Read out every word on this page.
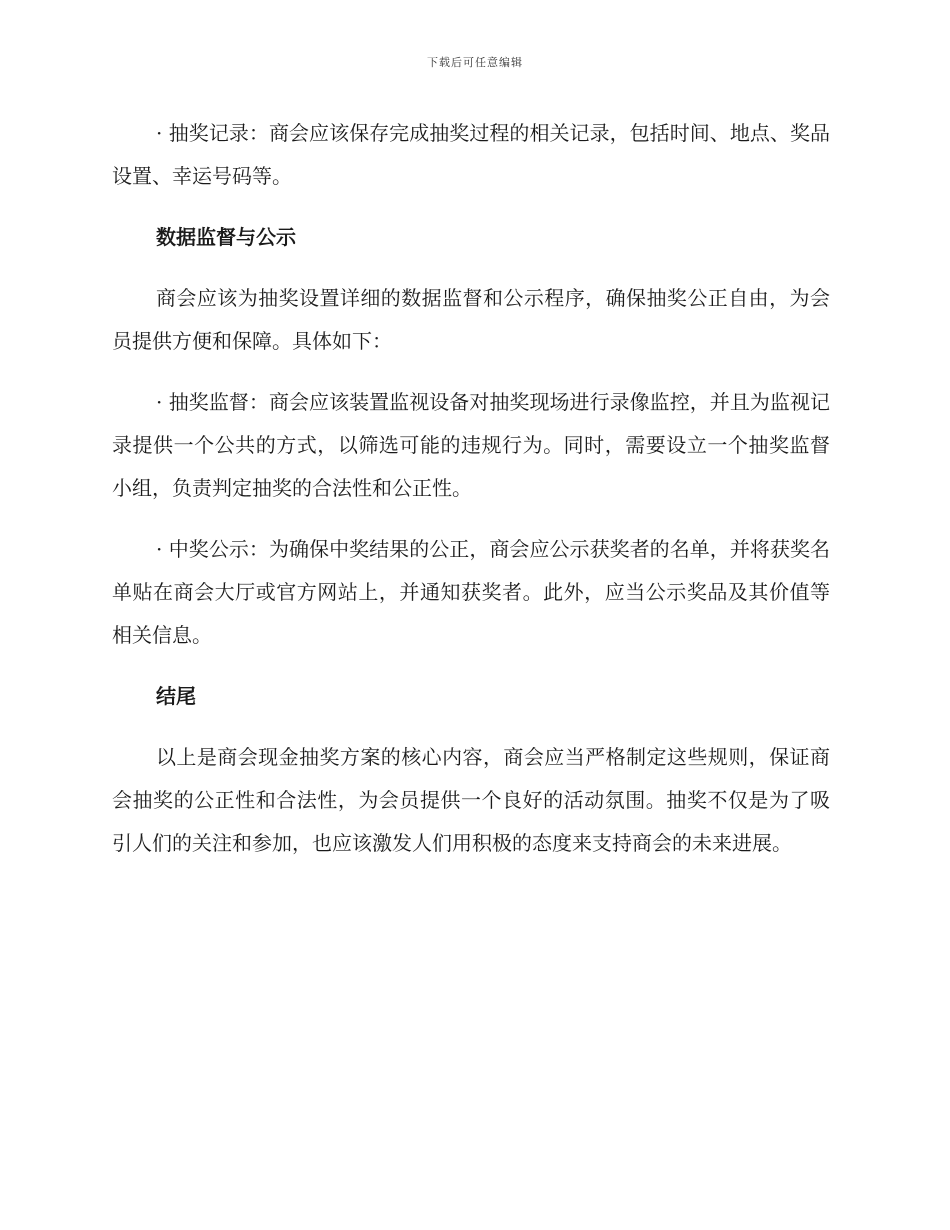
下载后可任意编辑

· 抽奖记录：商会应该保存完成抽奖过程的相关记录，包括时间、地点、奖品设置、幸运号码等。

数据监督与公示

商会应该为抽奖设置详细的数据监督和公示程序，确保抽奖公正自由，为会员提供方便和保障。具体如下：

· 抽奖监督：商会应该装置监视设备对抽奖现场进行录像监控，并且为监视记录提供一个公共的方式，以筛选可能的违规行为。同时，需要设立一个抽奖监督小组，负责判定抽奖的合法性和公正性。

· 中奖公示：为确保中奖结果的公正，商会应公示获奖者的名单，并将获奖名单贴在商会大厅或官方网站上，并通知获奖者。此外，应当公示奖品及其价值等相关信息。

结尾

以上是商会现金抽奖方案的核心内容，商会应当严格制定这些规则，保证商会抽奖的公正性和合法性，为会员提供一个良好的活动氛围。抽奖不仅是为了吸引人们的关注和参加，也应该激发人们用积极的态度来支持商会的未来进展。
